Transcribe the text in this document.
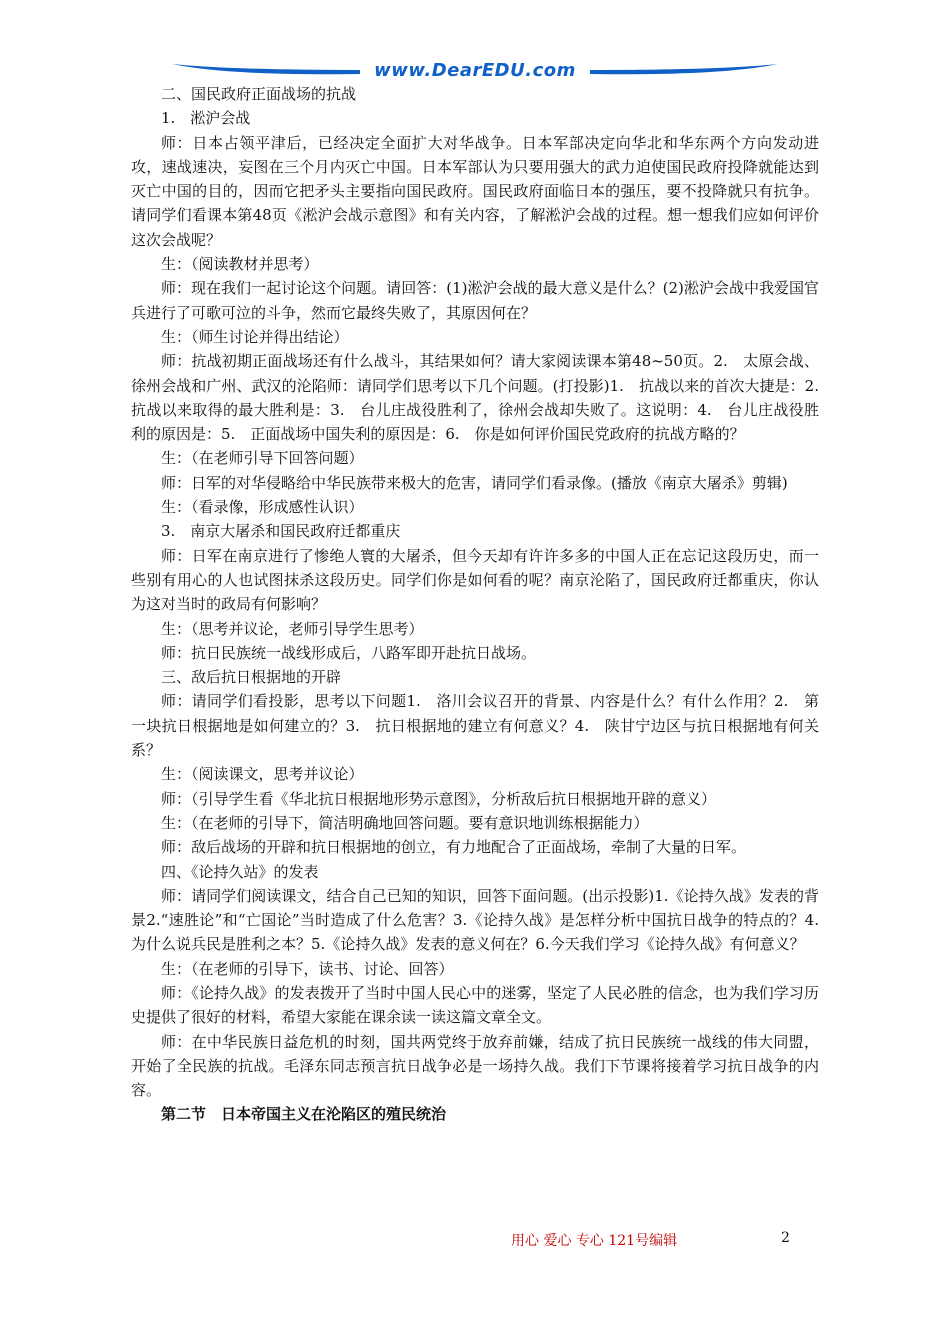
www.DearEDU.com

二、国民政府正面战场的抗战

1.　淞沪会战

师：日本占领平津后，已经决定全面扩大对华战争。日本军部决定向华北和华东两个方向发动进攻，速战速决，妄图在三个月内灭亡中国。日本军部认为只要用强大的武力迫使国民政府投降就能达到灭亡中国的目的，因而它把矛头主要指向国民政府。国民政府面临日本的强压，要不投降就只有抗争。请同学们看课本第48页《淞沪会战示意图》和有关内容，了解淞沪会战的过程。想一想我们应如何评价这次会战呢？

生：（阅读教材并思考）

师：现在我们一起讨论这个问题。请回答：(1)淞沪会战的最大意义是什么？(2)淞沪会战中我爱国官兵进行了可歌可泣的斗争，然而它最终失败了，其原因何在？

生：（师生讨论并得出结论）

师：抗战初期正面战场还有什么战斗，其结果如何？请大家阅读课本第48~50页。2.　太原会战、徐州会战和广州、武汉的沦陷师：请同学们思考以下几个问题。(打投影)1.　抗战以来的首次大捷是：2.　抗战以来取得的最大胜利是：3.　台儿庄战役胜利了，徐州会战却失败了。这说明：4.　台儿庄战役胜利的原因是：5.　正面战场中国失利的原因是：6.　你是如何评价国民党政府的抗战方略的？

生：（在老师引导下回答问题）

师：日军的对华侵略给中华民族带来极大的危害，请同学们看录像。(播放《南京大屠杀》剪辑)

生：（看录像，形成感性认识）

3.　南京大屠杀和国民政府迁都重庆

师：日军在南京进行了惨绝人寰的大屠杀，但今天却有许许多多的中国人正在忘记这段历史，而一些别有用心的人也试图抹杀这段历史。同学们你是如何看的呢？南京沦陷了，国民政府迁都重庆，你认为这对当时的政局有何影响？

生：（思考并议论，老师引导学生思考）

师：抗日民族统一战线形成后，八路军即开赴抗日战场。

三、敌后抗日根据地的开辟

师：请同学们看投影，思考以下问题1.　洛川会议召开的背景、内容是什么？有什么作用？2.　第一块抗日根据地是如何建立的？3.　抗日根据地的建立有何意义？4.　陕甘宁边区与抗日根据地有何关系？

生：（阅读课文，思考并议论）

师：（引导学生看《华北抗日根据地形势示意图》，分析敌后抗日根据地开辟的意义）

生：（在老师的引导下，简洁明确地回答问题。要有意识地训练根据能力）

师：敌后战场的开辟和抗日根据地的创立，有力地配合了正面战场，牵制了大量的日军。

四、《论持久站》的发表

师：请同学们阅读课文，结合自己已知的知识，回答下面问题。(出示投影)1.《论持久战》发表的背景2.“速胜论”和“亡国论”当时造成了什么危害？3.《论持久战》是怎样分析中国抗日战争的特点的？4.为什么说兵民是胜利之本？5.《论持久战》发表的意义何在？6.今天我们学习《论持久战》有何意义？

生：（在老师的引导下，读书、讨论、回答）

师：《论持久战》的发表拨开了当时中国人民心中的迷雾，坚定了人民必胜的信念，也为我们学习历史提供了很好的材料，希望大家能在课余读一读这篇文章全文。

师：在中华民族日益危机的时刻，国共两党终于放弃前嫌，结成了抗日民族统一战线的伟大同盟，开始了全民族的抗战。毛泽东同志预言抗日战争必是一场持久战。我们下节课将接着学习抗日战争的内容。

第二节　日本帝国主义在沦陷区的殖民统治

用心 爱心 专心 121号编辑	2
